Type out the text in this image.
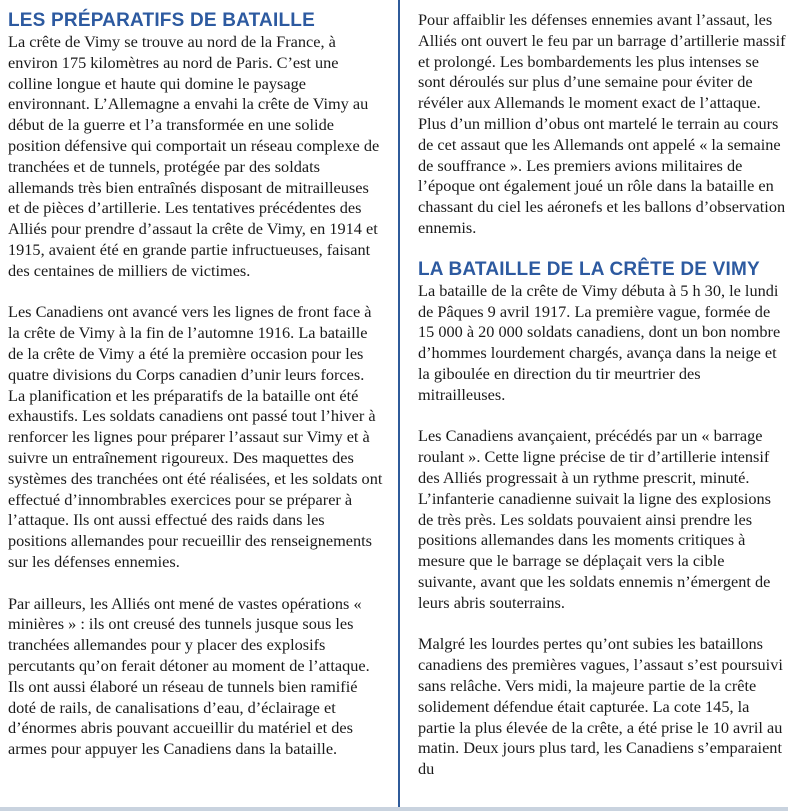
LES PRÉPARATIFS DE BATAILLE

La crête de Vimy se trouve au nord de la France, à environ 175 kilomètres au nord de Paris. C’est une colline longue et haute qui domine le paysage environnant. L’Allemagne a envahi la crête de Vimy au début de la guerre et l’a transformée en une solide position défensive qui comportait un réseau complexe de tranchées et de tunnels, protégée par des soldats allemands très bien entraînés disposant de mitrailleuses et de pièces d’artillerie. Les tentatives précédentes des Alliés pour prendre d’assaut la crête de Vimy, en 1914 et 1915, avaient été en grande partie infructueuses, faisant des centaines de milliers de victimes.

Les Canadiens ont avancé vers les lignes de front face à la crête de Vimy à la fin de l’automne 1916. La bataille de la crête de Vimy a été la première occasion pour les quatre divisions du Corps canadien d’unir leurs forces. La planification et les préparatifs de la bataille ont été exhaustifs. Les soldats canadiens ont passé tout l’hiver à renforcer les lignes pour préparer l’assaut sur Vimy et à suivre un entraînement rigoureux. Des maquettes des systèmes des tranchées ont été réalisées, et les soldats ont effectué d’innombrables exercices pour se préparer à l’attaque. Ils ont aussi effectué des raids dans les positions allemandes pour recueillir des renseignements sur les défenses ennemies.

Par ailleurs, les Alliés ont mené de vastes opérations « minières » : ils ont creusé des tunnels jusque sous les tranchées allemandes pour y placer des explosifs percutants qu’on ferait détoner au moment de l’attaque. Ils ont aussi élaboré un réseau de tunnels bien ramifié doté de rails, de canalisations d’eau, d’éclairage et d’énormes abris pouvant accueillir du matériel et des armes pour appuyer les Canadiens dans la bataille.

Pour affaiblir les défenses ennemies avant l’assaut, les Alliés ont ouvert le feu par un barrage d’artillerie massif et prolongé. Les bombardements les plus intenses se sont déroulés sur plus d’une semaine pour éviter de révéler aux Allemands le moment exact de l’attaque. Plus d’un million d’obus ont martelé le terrain au cours de cet assaut que les Allemands ont appelé « la semaine de souffrance ». Les premiers avions militaires de l’époque ont également joué un rôle dans la bataille en chassant du ciel les aéronefs et les ballons d’observation ennemis.

LA BATAILLE DE LA CRÊTE DE VIMY

La bataille de la crête de Vimy débuta à 5 h 30, le lundi de Pâques 9 avril 1917. La première vague, formée de 15 000 à 20 000 soldats canadiens, dont un bon nombre d’hommes lourdement chargés, avança dans la neige et la giboulée en direction du tir meurtrier des mitrailleuses.

Les Canadiens avançaient, précédés par un « barrage roulant ». Cette ligne précise de tir d’artillerie intensif des Alliés progressait à un rythme prescrit, minuté. L’infanterie canadienne suivait la ligne des explosions de très près. Les soldats pouvaient ainsi prendre les positions allemandes dans les moments critiques à mesure que le barrage se déplaçait vers la cible suivante, avant que les soldats ennemis n’émergent de leurs abris souterrains.

Malgré les lourdes pertes qu’ont subies les bataillons canadiens des premières vagues, l’assaut s’est poursuivi sans relâche. Vers midi, la majeure partie de la crête solidement défendue était capturée. La cote 145, la partie la plus élevée de la crête, a été prise le 10 avril au matin. Deux jours plus tard, les Canadiens s’emparaient du
